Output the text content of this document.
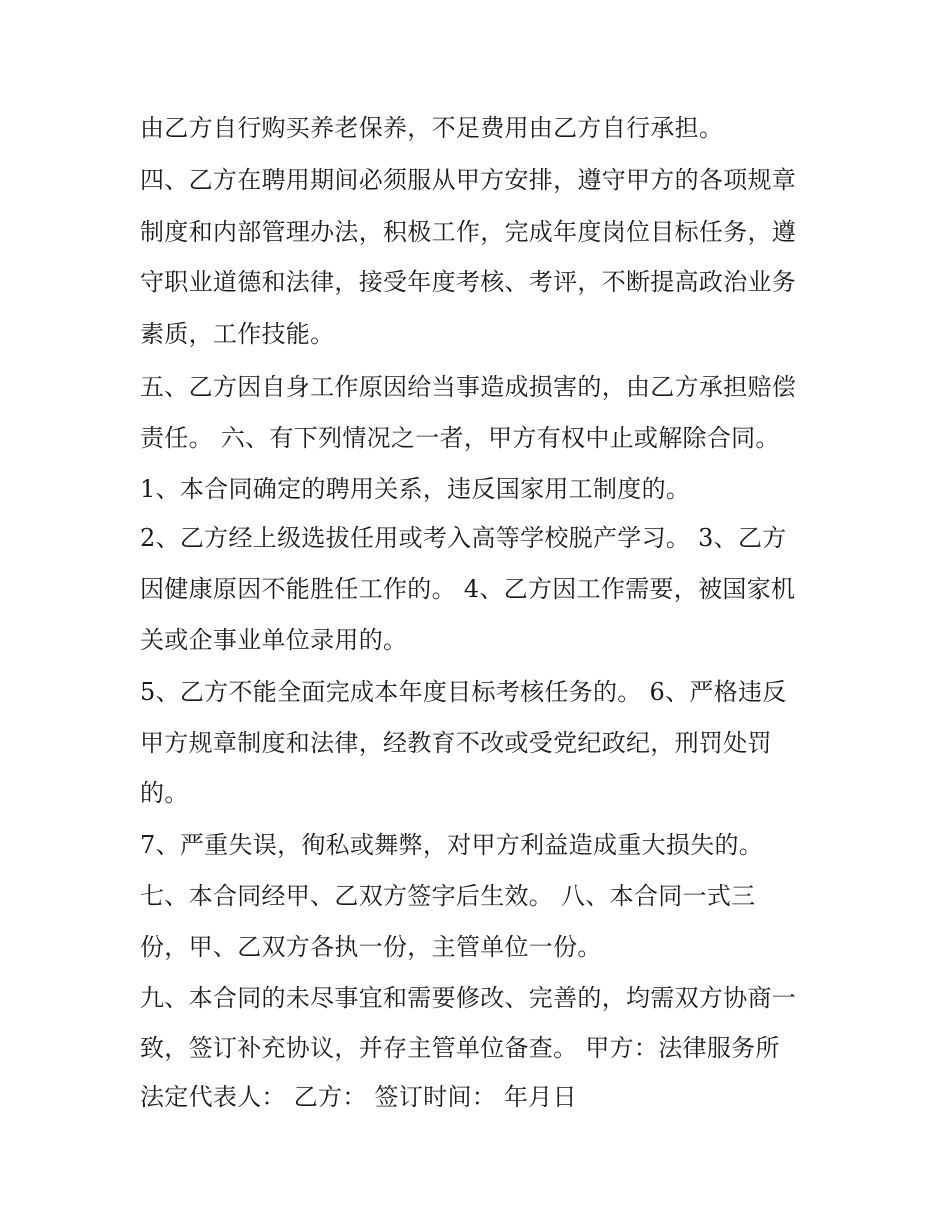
由乙方自行购买养老保养，不足费用由乙方自行承担。
四、乙方在聘用期间必须服从甲方安排，遵守甲方的各项规章
制度和内部管理办法，积极工作，完成年度岗位目标任务，遵
守职业道德和法律，接受年度考核、考评，不断提高政治业务
素质，工作技能。
五、乙方因自身工作原因给当事造成损害的，由乙方承担赔偿
责任。 六、有下列情况之一者，甲方有权中止或解除合同。
1、本合同确定的聘用关系，违反国家用工制度的。
2、乙方经上级选拔任用或考入高等学校脱产学习。 3、乙方
因健康原因不能胜任工作的。 4、乙方因工作需要，被国家机
关或企事业单位录用的。
5、乙方不能全面完成本年度目标考核任务的。 6、严格违反
甲方规章制度和法律，经教育不改或受党纪政纪，刑罚处罚
的。
7、严重失误，徇私或舞弊，对甲方利益造成重大损失的。
七、本合同经甲、乙双方签字后生效。 八、本合同一式三
份，甲、乙双方各执一份，主管单位一份。
九、本合同的未尽事宜和需要修改、完善的，均需双方协商一
致，签订补充协议，并存主管单位备查。 甲方：法律服务所
法定代表人： 乙方： 签订时间： 年月日
